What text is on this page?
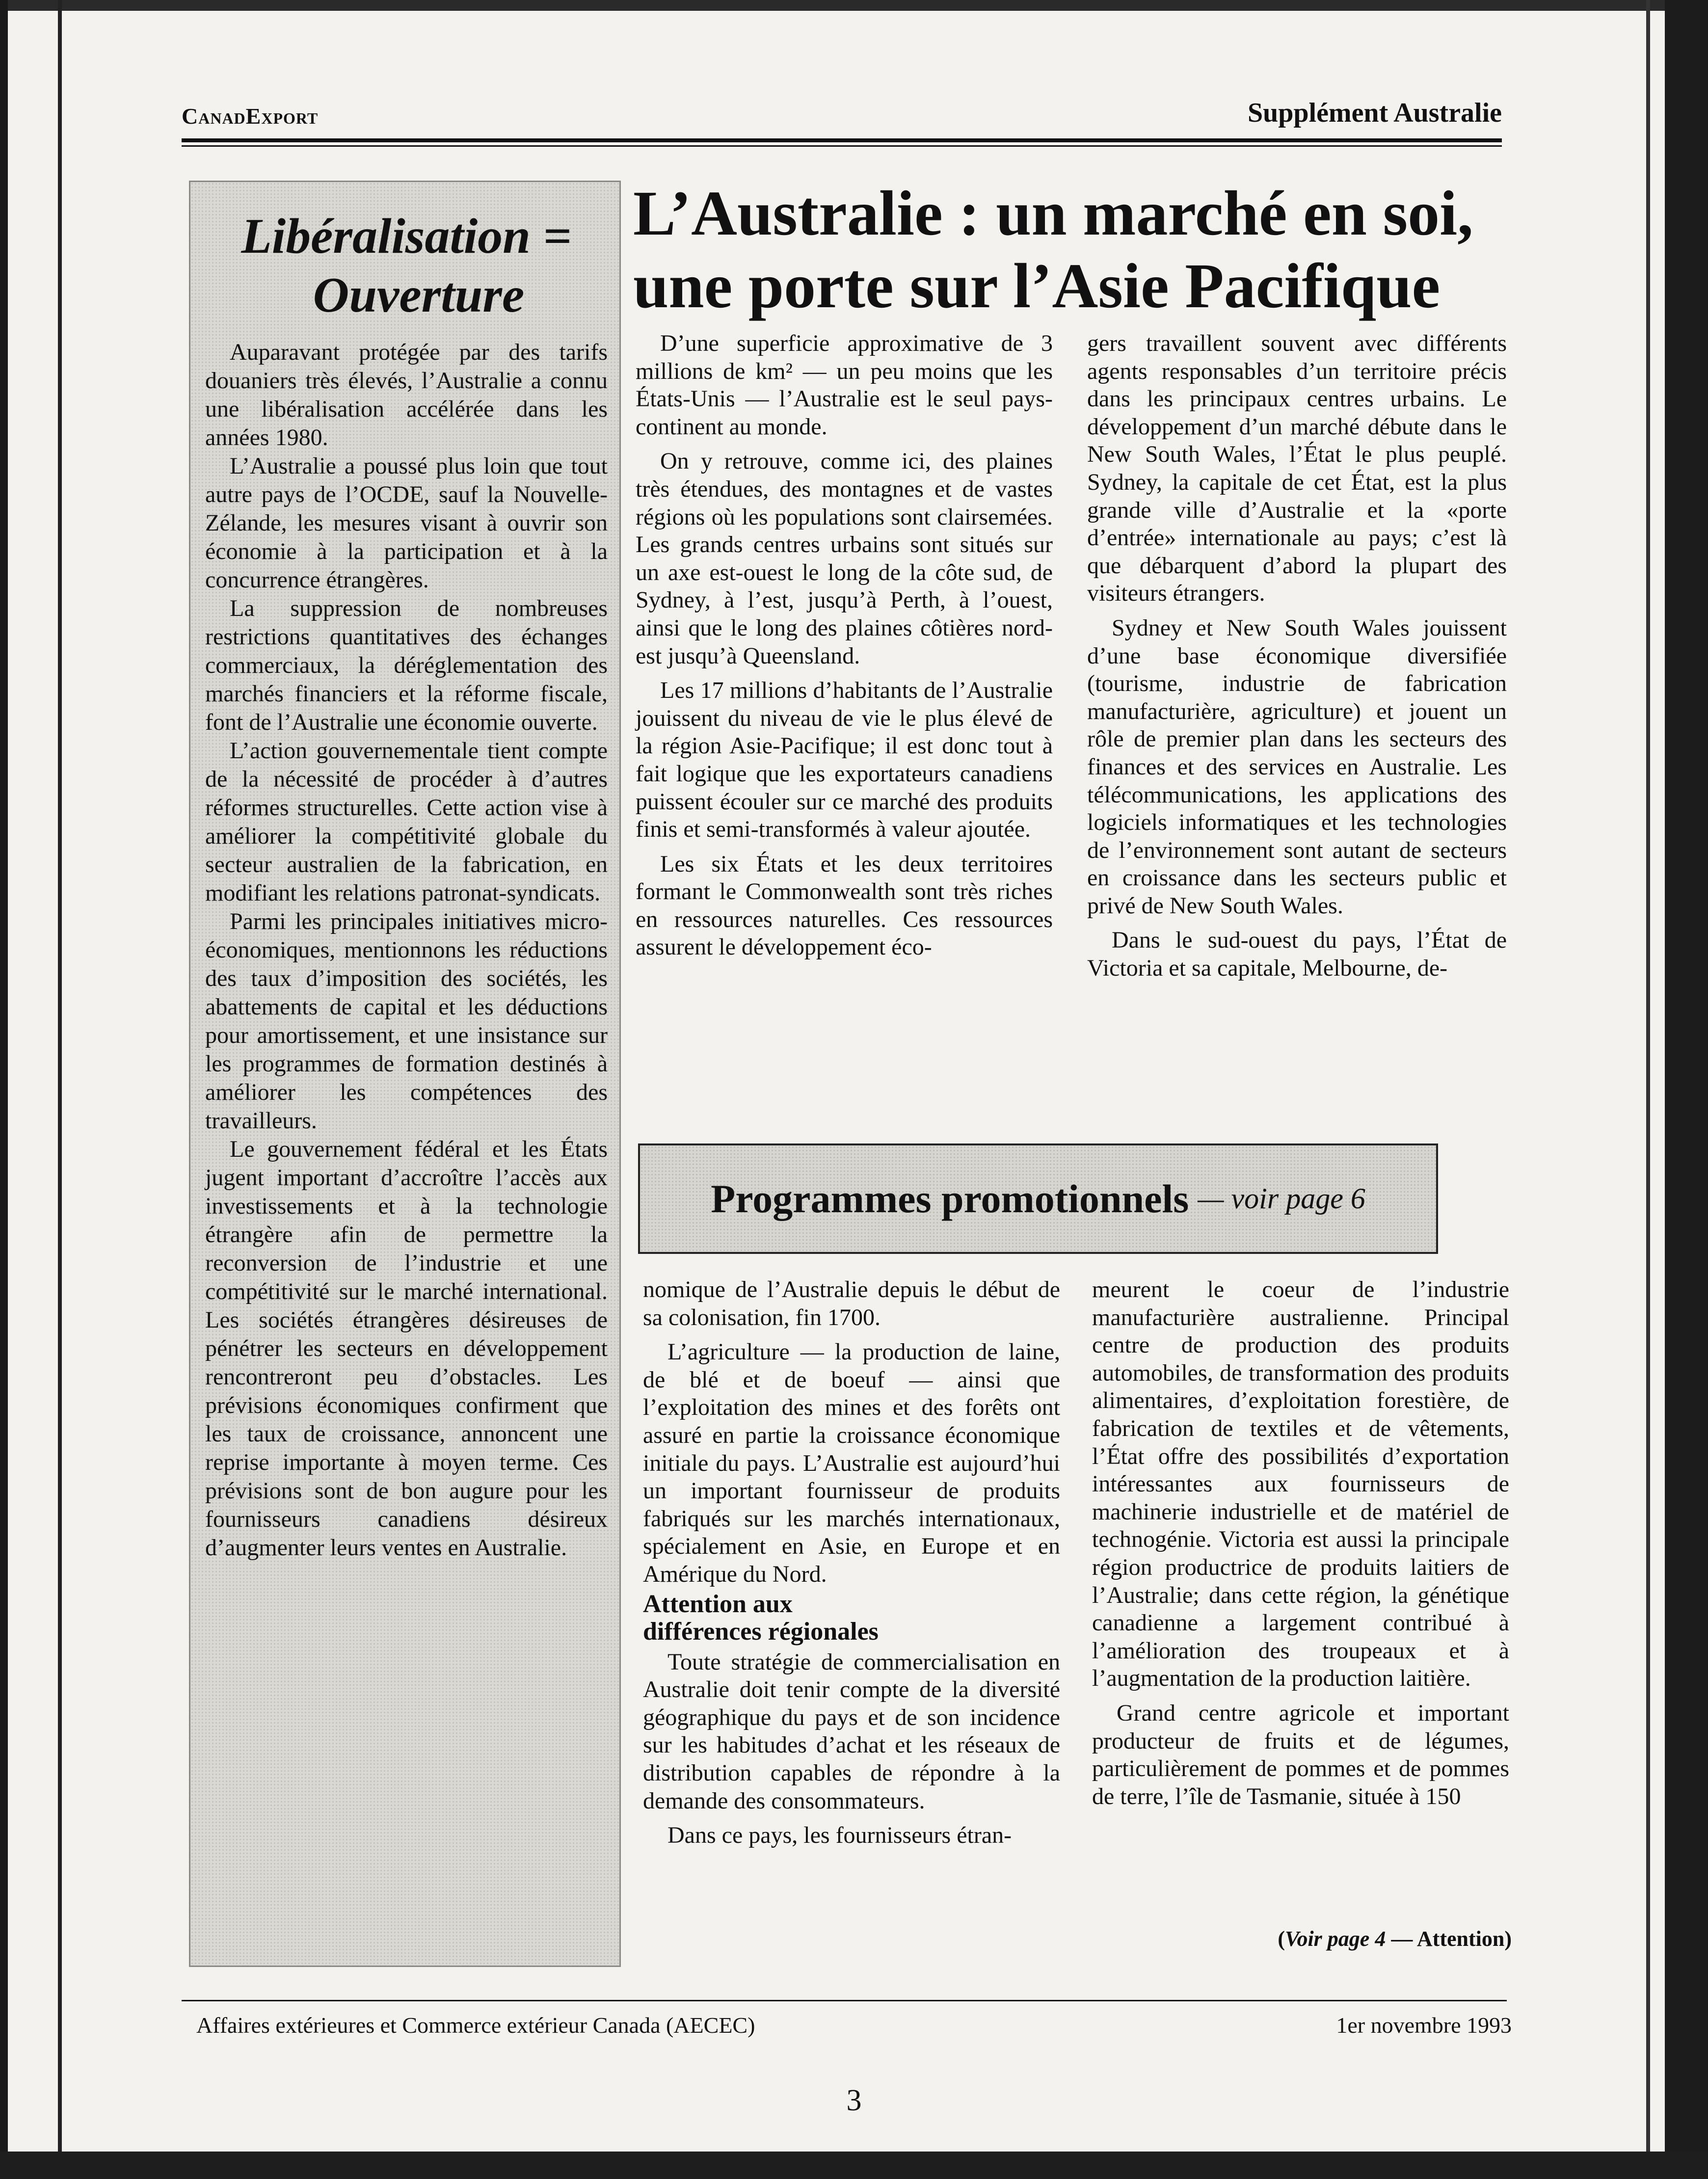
CanadExport	Supplément Australie
Libéralisation =
Ouverture

Auparavant protégée par des tarifs douaniers très élevés, l’Australie a connu une libéralisation accélérée dans les années 1980.

L’Australie a poussé plus loin que tout autre pays de l’OCDE, sauf la Nouvelle-Zélande, les mesures visant à ouvrir son économie à la participation et à la concurrence étrangères.

La suppression de nombreuses restrictions quantitatives des échanges commerciaux, la déréglementation des marchés financiers et la réforme fiscale, font de l’Australie une économie ouverte.

L’action gouvernementale tient compte de la nécessité de procéder à d’autres réformes structurelles. Cette action vise à améliorer la compétitivité globale du secteur australien de la fabrication, en modifiant les relations patronat-syndicats.

Parmi les principales initiatives micro-économiques, mentionnons les réductions des taux d’imposition des sociétés, les abattements de capital et les déductions pour amortissement, et une insistance sur les programmes de formation destinés à améliorer les compétences des travailleurs.

Le gouvernement fédéral et les États jugent important d’accroître l’accès aux investissements et à la technologie étrangère afin de permettre la reconversion de l’industrie et une compétitivité sur le marché international. Les sociétés étrangères désireuses de pénétrer les secteurs en développement rencontreront peu d’obstacles. Les prévisions économiques confirment que les taux de croissance, annoncent une reprise importante à moyen terme. Ces prévisions sont de bon augure pour les fournisseurs canadiens désireux d’augmenter leurs ventes en Australie.

L’Australie : un marché en soi,
une porte sur l’Asie Pacifique

D’une superficie approximative de 3 millions de km² — un peu moins que les États-Unis — l’Australie est le seul pays-continent au monde.

On y retrouve, comme ici, des plaines très étendues, des montagnes et de vastes régions où les populations sont clairsemées. Les grands centres urbains sont situés sur un axe est-ouest le long de la côte sud, de Sydney, à l’est, jusqu’à Perth, à l’ouest, ainsi que le long des plaines côtières nord-est jusqu’à Queensland.

Les 17 millions d’habitants de l’Australie jouissent du niveau de vie le plus élevé de la région Asie-Pacifique; il est donc tout à fait logique que les exportateurs canadiens puissent écouler sur ce marché des produits finis et semi-transformés à valeur ajoutée.

Les six États et les deux territoires formant le Commonwealth sont très riches en ressources naturelles. Ces ressources assurent le développement éco-

gers travaillent souvent avec différents agents responsables d’un territoire précis dans les principaux centres urbains. Le développement d’un marché débute dans le New South Wales, l’État le plus peuplé. Sydney, la capitale de cet État, est la plus grande ville d’Australie et la «porte d’entrée» internationale au pays; c’est là que débarquent d’abord la plupart des visiteurs étrangers.

Sydney et New South Wales jouissent d’une base économique diversifiée (tourisme, industrie de fabrication manufacturière, agriculture) et jouent un rôle de premier plan dans les secteurs des finances et des services en Australie. Les télécommunications, les applications des logiciels informatiques et les technologies de l’environnement sont autant de secteurs en croissance dans les secteurs public et privé de New South Wales.

Dans le sud-ouest du pays, l’État de Victoria et sa capitale, Melbourne, de-

Programmes promotionnels — voir page 6

nomique de l’Australie depuis le début de sa colonisation, fin 1700.

L’agriculture — la production de laine, de blé et de boeuf — ainsi que l’exploitation des mines et des forêts ont assuré en partie la croissance économique initiale du pays. L’Australie est aujourd’hui un important fournisseur de produits fabriqués sur les marchés internationaux, spécialement en Asie, en Europe et en Amérique du Nord.

Attention aux
différences régionales

Toute stratégie de commercialisation en Australie doit tenir compte de la diversité géographique du pays et de son incidence sur les habitudes d’achat et les réseaux de distribution capables de répondre à la demande des consommateurs.

Dans ce pays, les fournisseurs étran-

meurent le coeur de l’industrie manufacturière australienne. Principal centre de production des produits automobiles, de transformation des produits alimentaires, d’exploitation forestière, de fabrication de textiles et de vêtements, l’État offre des possibilités d’exportation intéressantes aux fournisseurs de machinerie industrielle et de matériel de technogénie. Victoria est aussi la principale région productrice de produits laitiers de l’Australie; dans cette région, la génétique canadienne a largement contribué à l’amélioration des troupeaux et à l’augmentation de la production laitière.

Grand centre agricole et important producteur de fruits et de légumes, particulièrement de pommes et de pommes de terre, l’île de Tasmanie, située à 150

(Voir page 4 — Attention)
Affaires extérieures et Commerce extérieur Canada (AECEC)	1er novembre 1993
3
